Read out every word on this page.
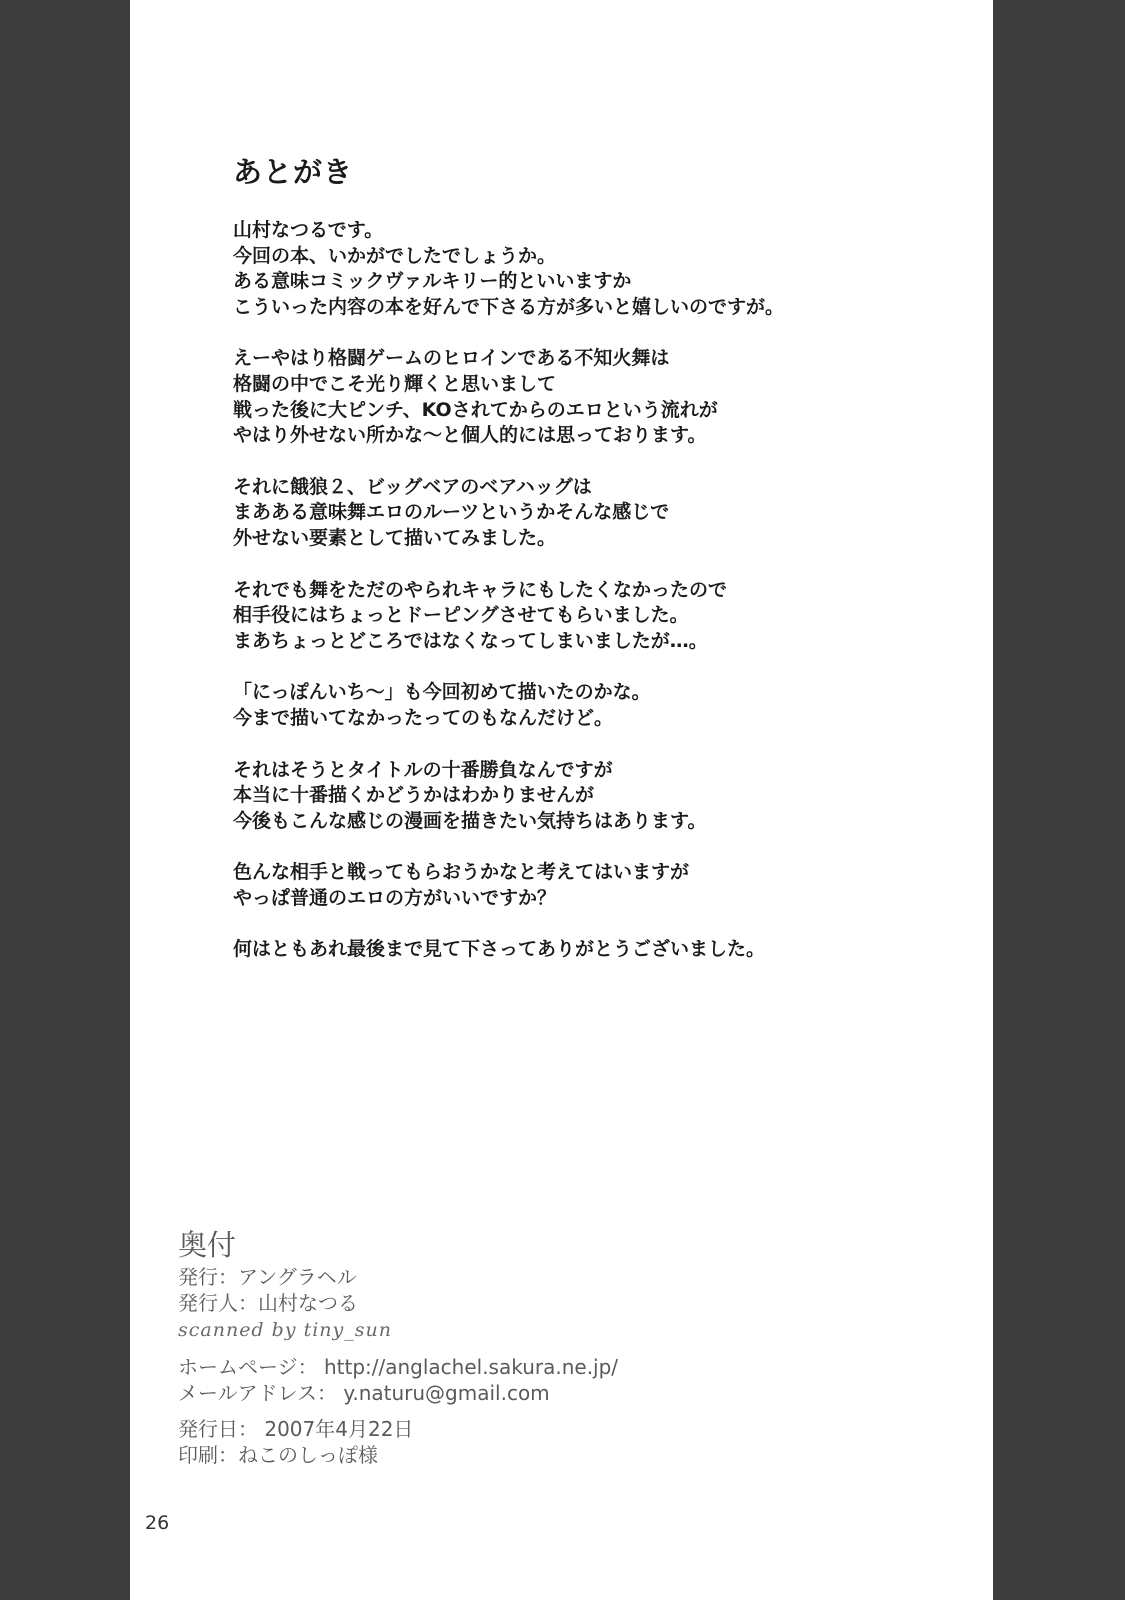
あとがき

山村なつるです。
今回の本、いかがでしたでしょうか。
ある意味コミックヴァルキリー的といいますか
こういった内容の本を好んで下さる方が多いと嬉しいのですが。

えーやはり格闘ゲームのヒロインである不知火舞は
格闘の中でこそ光り輝くと思いまして
戦った後に大ピンチ、KOされてからのエロという流れが
やはり外せない所かな～と個人的には思っております。

それに餓狼２、ビッグベアのベアハッグは
まあある意味舞エロのルーツというかそんな感じで
外せない要素として描いてみました。

それでも舞をただのやられキャラにもしたくなかったので
相手役にはちょっとドーピングさせてもらいました。
まあちょっとどころではなくなってしまいましたが…。

「にっぽんいち～」も今回初めて描いたのかな。
今まで描いてなかったってのもなんだけど。

それはそうとタイトルの十番勝負なんですが
本当に十番描くかどうかはわかりませんが
今後もこんな感じの漫画を描きたい気持ちはあります。

色んな相手と戦ってもらおうかなと考えてはいますが
やっぱ普通のエロの方がいいですか？

何はともあれ最後まで見て下さってありがとうございました。

奥付
発行：アングラヘル
発行人：山村なつる
scanned by tiny_sun
ホームページ： http://anglachel.sakura.ne.jp/
メールアドレス： y.naturu@gmail.com
発行日： 2007年4月22日
印刷：ねこのしっぽ様
26
